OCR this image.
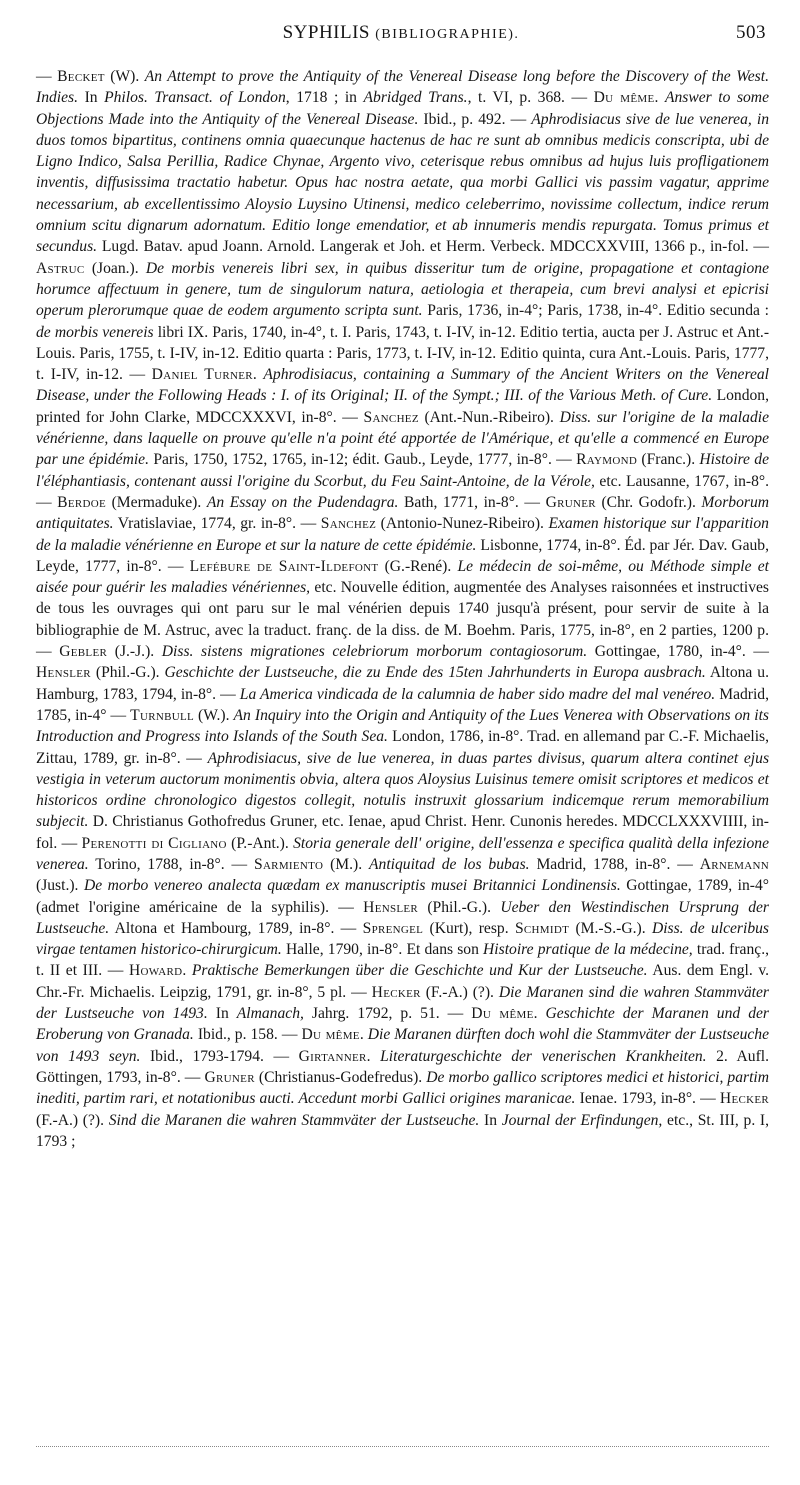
SYPHILIS (BIBLIOGRAPHIE).	503

— Becket (W). An Attempt to prove the Antiquity of the Venereal Disease long before the Discovery of the West. Indies. In Philos. Transact. of London, 1718 ; in Abridged Trans., t. VI, p. 368. — Du même. Answer to some Objections Made into the Antiquity of the Venereal Disease. Ibid., p. 492. — Aphrodisiacus sive de lue venerea, in duos tomos bipartitus, continens omnia quaecunque hactenus de hac re sunt ab omnibus medicis conscripta, ubi de Ligno Indico, Salsa Perillia, Radice Chynae, Argento vivo, ceterisque rebus omnibus ad hujus luis profligationem inventis, diffusissima tractatio habetur. Opus hac nostra aetate, qua morbi Gallici vis passim vagatur, apprime necessarium, ab excellentissimo Aloysio Luysino Utinensi, medico celeberrimo, novissime collectum, indice rerum omnium scitu dignarum adornatum. Editio longe emendatior, et ab innumeris mendis repurgata. Tomus primus et secundus. Lugd. Batav. apud Joann. Arnold. Langerak et Joh. et Herm. Verbeck. MDCCXXVIII, 1366 p., in-fol. — Astruc (Joan.). De morbis venereis libri sex, in quibus disseritur tum de origine, propagatione et contagione horumce affectuum in genere, tum de singulorum natura, aetiologia et therapeia, cum brevi analysi et epicrisi operum plerorumque quae de eodem argumento scripta sunt. Paris, 1736, in-4°; Paris, 1738, in-4°. Editio secunda : de morbis venereis libri IX. Paris, 1740, in-4°, t. I. Paris, 1743, t. I-IV, in-12. Editio tertia, aucta per J. Astruc et Ant.-Louis. Paris, 1755, t. I-IV, in-12. Editio quarta : Paris, 1773, t. I-IV, in-12. Editio quinta, cura Ant.-Louis. Paris, 1777, t. I-IV, in-12. — Daniel Turner. Aphrodisiacus, containing a Summary of the Ancient Writers on the Venereal Disease, under the Following Heads : I. of its Original; II. of the Sympt.; III. of the Various Meth. of Cure. London, printed for John Clarke, MDCCXXXVI, in-8°. — Sanchez (Ant.-Nun.-Ribeiro). Diss. sur l'origine de la maladie vénérienne, dans laquelle on prouve qu'elle n'a point été apportée de l'Amérique, et qu'elle a commencé en Europe par une épidémie. Paris, 1750, 1752, 1765, in-12; édit. Gaub., Leyde, 1777, in-8°. — Raymond (Franc.). Histoire de l'éléphantiasis, contenant aussi l'origine du Scorbut, du Feu Saint-Antoine, de la Vérole, etc. Lausanne, 1767, in-8°. — Berdoe (Mermaduke). An Essay on the Pudendagra. Bath, 1771, in-8°. — Gruner (Chr. Godofr.). Morborum antiquitates. Vratislaviae, 1774, gr. in-8°. — Sanchez (Antonio-Nunez-Ribeiro). Examen historique sur l'apparition de la maladie vénérienne en Europe et sur la nature de cette épidémie. Lisbonne, 1774, in-8°. Éd. par Jér. Dav. Gaub, Leyde, 1777, in-8°. — Lefébure de Saint-Ildefont (G.-René). Le médecin de soi-même, ou Méthode simple et aisée pour guérir les maladies vénériennes, etc. Nouvelle édition, augmentée des Analyses raisonnées et instructives de tous les ouvrages qui ont paru sur le mal vénérien depuis 1740 jusqu'à présent, pour servir de suite à la bibliographie de M. Astruc, avec la traduct. franç. de la diss. de M. Boehm. Paris, 1775, in-8°, en 2 parties, 1200 p. — Gebler (J.-J.). Diss. sistens migrationes celebriorum morborum contagiosorum. Gottingae, 1780, in-4°. — Hensler (Phil.-G.). Geschichte der Lustseuche, die zu Ende des 15ten Jahrhunderts in Europa ausbrach. Altona u. Hamburg, 1783, 1794, in-8°. — La America vindicada de la calumnia de haber sido madre del mal venéreo. Madrid, 1785, in-4° — Turnbull (W.). An Inquiry into the Origin and Antiquity of the Lues Venerea with Observations on its Introduction and Progress into Islands of the South Sea. London, 1786, in-8°. Trad. en allemand par C.-F. Michaelis, Zittau, 1789, gr. in-8°. — Aphrodisiacus, sive de lue venerea, in duas partes divisus, quarum altera continet ejus vestigia in veterum auctorum monimentis obvia, altera quos Aloysius Luisinus temere omisit scriptores et medicos et historicos ordine chronologico digestos collegit, notulis instruxit glossarium indicemque rerum memorabilium subjecit. D. Christianus Gothofredus Gruner, etc. Ienae, apud Christ. Henr. Cunonis heredes. MDCCLXXXVIIII, in-fol. — Perenotti di Cigliano (P.-Ant.). Storia generale dell' origine, dell'essenza e specifica qualità della infezione venerea. Torino, 1788, in-8°. — Sarmiento (M.). Antiquitad de los bubas. Madrid, 1788, in-8°. — Arnemann (Just.). De morbo venereo analecta quædam ex manuscriptis musei Britannici Londinensis. Gottingae, 1789, in-4° (admet l'origine américaine de la syphilis). — Hensler (Phil.-G.). Ueber den Westindischen Ursprung der Lustseuche. Altona et Hambourg, 1789, in-8°. — Sprengel (Kurt), resp. Schmidt (M.-S.-G.). Diss. de ulceribus virgae tentamen historico-chirurgicum. Halle, 1790, in-8°. Et dans son Histoire pratique de la médecine, trad. franç., t. II et III. — Howard. Praktische Bemerkungen über die Geschichte und Kur der Lustseuche. Aus. dem Engl. v. Chr.-Fr. Michaelis. Leipzig, 1791, gr. in-8°, 5 pl. — Hecker (F.-A.) (?). Die Maranen sind die wahren Stammväter der Lustseuche von 1493. In Almanach, Jahrg. 1792, p. 51. — Du même. Geschichte der Maranen und der Eroberung von Granada. Ibid., p. 158. — Du même. Die Maranen dürften doch wohl die Stammväter der Lustseuche von 1493 seyn. Ibid., 1793-1794. — Girtanner. Literaturgeschichte der venerischen Krankheiten. 2. Aufl. Göttingen, 1793, in-8°. — Gruner (Christianus-Godefredus). De morbo gallico scriptores medici et historici, partim inediti, partim rari, et notationibus aucti. Accedunt morbi Gallici origines maranicae. Ienae. 1793, in-8°. — Hecker (F.-A.) (?). Sind die Maranen die wahren Stammväter der Lustseuche. In Journal der Erfindungen, etc., St. III, p. I, 1793 ;
